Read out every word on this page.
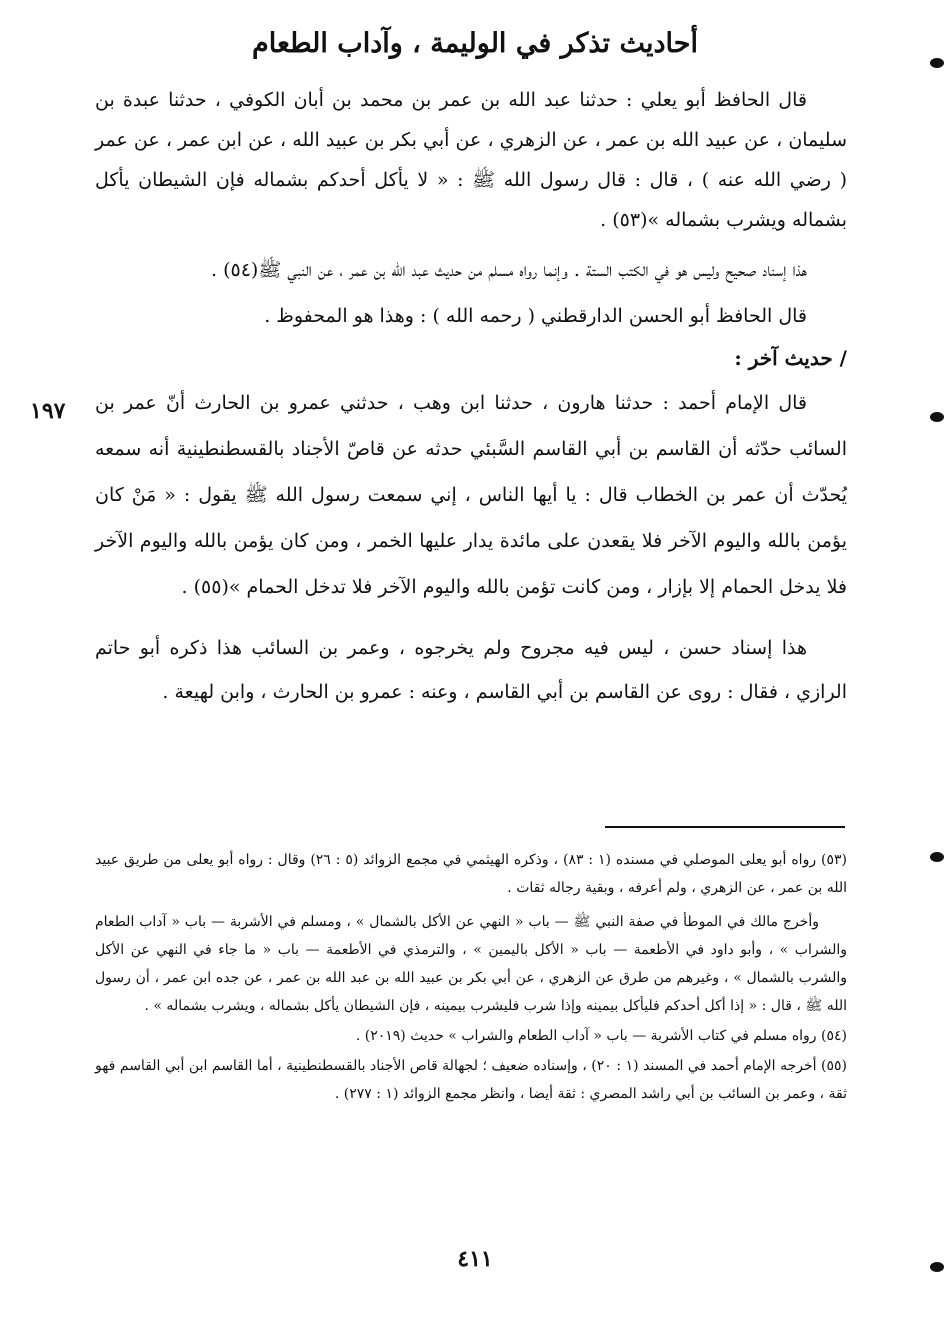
أحاديث تذكر في الوليمة ، وآداب الطعام
١٩٧

قال الحافظ أبو يعلي : حدثنا عبد الله بن عمر بن محمد بن أبان الكوفي ، حدثنا عبدة بن سليمان ، عن عبيد الله بن عمر ، عن الزهري ، عن أبي بكر بن عبيد الله ، عن ابن عمر ، عن عمر ( رضي الله عنه ) ، قال : قال رسول الله ﷺ : « لا يأكل أحدكم بشماله فإن الشيطان يأكل بشماله ويشرب بشماله »(٥٣) .

هذا إسناد صحيح وليس هو في الكتب الستة . وإنما رواه مسلم من حديث عبد الله بن عمر ، عن النبي ﷺ(٥٤) .

قال الحافظ أبو الحسن الدارقطني ( رحمه الله ) : وهذا هو المحفوظ .

/ حديث آخر :

قال الإمام أحمد : حدثنا هارون ، حدثنا ابن وهب ، حدثني عمرو بن الحارث أنّ عمر بن السائب حدّثه أن القاسم بن أبي القاسم السَّبئي حدثه عن قاصّ الأجناد بالقسطنطينية أنه سمعه يُحدّث أن عمر بن الخطاب قال : يا أيها الناس ، إني سمعت رسول الله ﷺ يقول : « مَنْ كان يؤمن بالله واليوم الآخر فلا يقعدن على مائدة يدار عليها الخمر ، ومن كان يؤمن بالله واليوم الآخر فلا يدخل الحمام إلا بإزار ، ومن كانت تؤمن بالله واليوم الآخر فلا تدخل الحمام »(٥٥) .

هذا إسناد حسن ، ليس فيه مجروح ولم يخرجوه ، وعمر بن السائب هذا ذكره أبو حاتم الرازي ، فقال : روى عن القاسم بن أبي القاسم ، وعنه : عمرو بن الحارث ، وابن لهيعة .

(٥٣) رواه أبو يعلى الموصلي في مسنده (١ : ٨٣) ، وذكره الهيثمي في مجمع الزوائد (٥ : ٢٦) وقال : رواه أبو يعلى من طريق عبيد الله بن عمر ، عن الزهري ، ولم أعرفه ، وبقية رجاله ثقات .

وأخرج مالك في الموطأ في صفة النبي ﷺ — باب « النهي عن الأكل بالشمال » ، ومسلم في الأشربة — باب « آداب الطعام والشراب » ، وأبو داود في الأطعمة — باب « الأكل باليمين » ، والترمذي في الأطعمة — باب « ما جاء في النهي عن الأكل والشرب بالشمال » ، وغيرهم من طرق عن الزهري ، عن أبي بكر بن عبيد الله بن عبد الله بن عمر ، عن جده ابن عمر ، أن رسول الله ﷺ ، قال : « إذا أكل أحدكم فليأكل بيمينه وإذا شرب فليشرب بيمينه ، فإن الشيطان يأكل بشماله ، ويشرب بشماله » .

(٥٤) رواه مسلم في كتاب الأشربة — باب « آداب الطعام والشراب » حديث (٢٠١٩) .

(٥٥) أخرجه الإمام أحمد في المسند (١ : ٢٠) ، وإسناده ضعيف ؛ لجهالة قاص الأجناد بالقسطنطينية ، أما القاسم ابن أبي القاسم فهو ثقة ، وعمر بن السائب بن أبي راشد المصري : ثقة أيضا ، وانظر مجمع الزوائد (١ : ٢٧٧) .

٤١١
